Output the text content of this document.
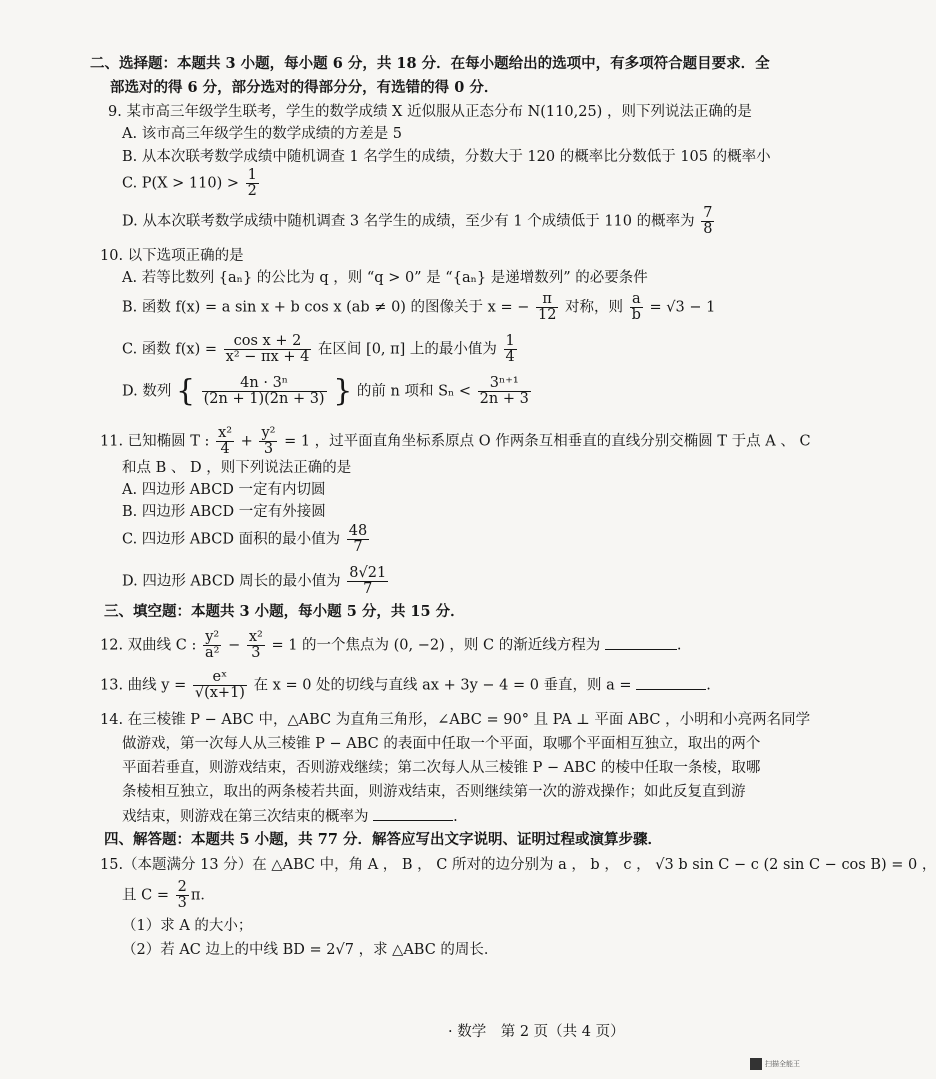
二、选择题：本题共 3 小题，每小题 6 分，共 18 分．在每小题给出的选项中，有多项符合题目要求．全
部选对的得 6 分，部分选对的得部分分，有选错的得 0 分．
9. 某市高三年级学生联考，学生的数学成绩 X 近似服从正态分布 N(110,25) ，则下列说法正确的是
A. 该市高三年级学生的数学成绩的方差是 5
B. 从本次联考数学成绩中随机调查 1 名学生的成绩，分数大于 120 的概率比分数低于 105 的概率小
C. $P(X > 110) > \frac{1}{2}$
D. 从本次联考数学成绩中随机调查 3 名学生的成绩，至少有 1 个成绩低于 110 的概率为 $\frac{7}{8}$
10. 以下选项正确的是
A. 若等比数列 {aₙ} 的公比为 q ，则 “q > 0” 是 “{aₙ} 是递增数列” 的必要条件
B. 函数 f(x) = a sin x + b cos x (ab ≠ 0) 的图像关于 x = − $\frac{\pi}{12}$ 对称，则 $\frac{a}{b} = √3 - 1$
C. 函数 $f(x) = \frac{\text{cos x + 2}}{\text{x² − πx + 4}}$ 在区间 [0, π] 上的最小值为 $\frac{1}{4}$
D. 数列 { $\frac{\text{4n · 3ⁿ}}{(2n + 1)(2n + 3)}$ } 的前 n 项和 $S_n < \frac{\text{3ⁿ⁺¹}}{2n + 3}$
11. 已知椭圆 T : $\frac{\text{x²}}{4} + \frac{\text{y²}}{3} = 1$ ，过平面直角坐标系原点 O 作两条互相垂直的直线分别交椭圆 T 于点 A 、 C
和点 B 、 D ，则下列说法正确的是
A. 四边形 ABCD 一定有内切圆
B. 四边形 ABCD 一定有外接圆
C. 四边形 ABCD 面积的最小值为 $\frac{48}{7}$
D. 四边形 ABCD 周长的最小值为 $\frac{8√21}{7}$
三、填空题：本题共 3 小题，每小题 5 分，共 15 分．
12. 双曲线 C : $\frac{\text{y²}}{\text{a²}} - \frac{\text{x²}}{3} = 1$ 的一个焦点为 (0, −2) ，则 C 的渐近线方程为	.
13. 曲线 $y = \frac{\text{eˣ}}{√(x+1)}$ 在 x = 0 处的切线与直线 ax + 3y − 4 = 0 垂直，则 a =	.
14. 在三棱锥 P − ABC 中，△ABC 为直角三角形，∠ABC = 90° 且 PA ⊥ 平面 ABC ，小明和小亮两名同学
做游戏，第一次每人从三棱锥 P − ABC 的表面中任取一个平面，取哪个平面相互独立，取出的两个
平面若垂直，则游戏结束，否则游戏继续；第二次每人从三棱锥 P − ABC 的棱中任取一条棱，取哪
条棱相互独立，取出的两条棱若共面，则游戏结束，否则继续第一次的游戏操作；如此反复直到游
戏结束，则游戏在第三次结束的概率为	.
四、解答题：本题共 5 小题，共 77 分．解答应写出文字说明、证明过程或演算步骤．
15.（本题满分 13 分）在 △ABC 中，角 A ， B ， C 所对的边分别为 a ， b ， c ， √3 b sin C − c (2 sin C − cos B) = 0 ，
且 $C = \frac{2}{3}$ π．
（1）求 A 的大小；
（2）若 AC 边上的中线 BD = 2√7 ，求 △ABC 的周长．
· 数学　第 2 页（共 4 页）
扫描全能王
